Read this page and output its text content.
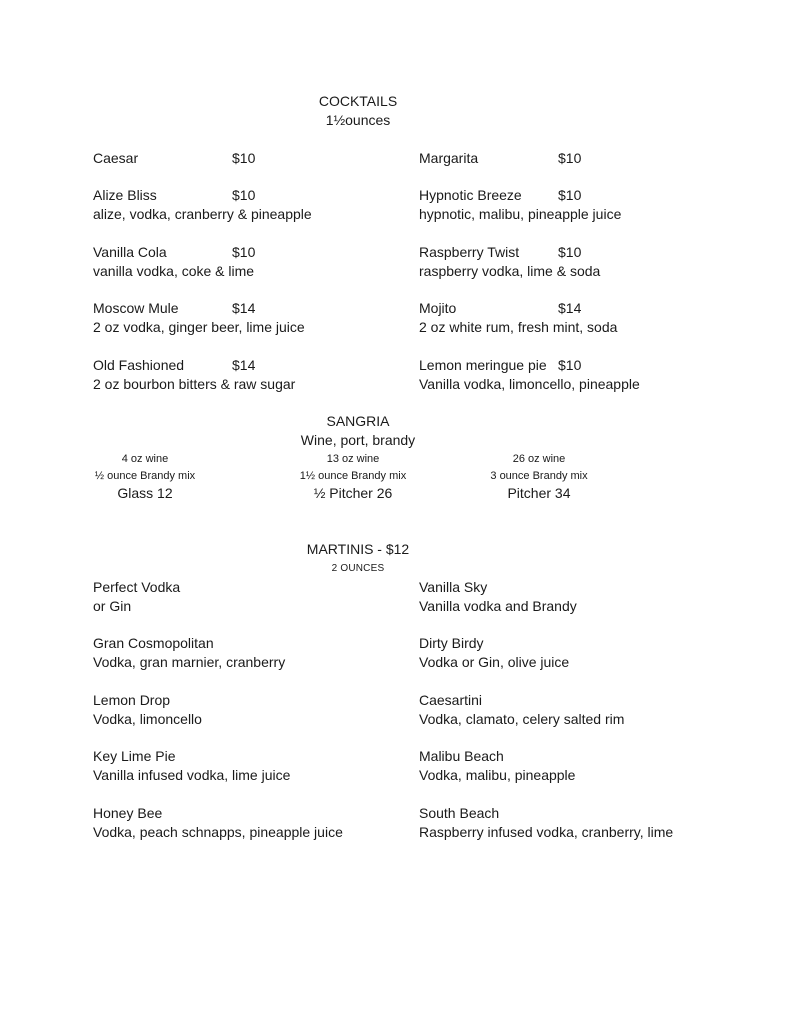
COCKTAILS
1½ounces
Caesar	$10
Alize Bliss	$10
alize, vodka, cranberry & pineapple
Vanilla Cola	$10
vanilla vodka, coke & lime
Moscow Mule	$14
2 oz vodka, ginger beer, lime juice
Old Fashioned	$14
2 oz bourbon bitters & raw sugar
Margarita	$10
Hypnotic Breeze	$10
hypnotic, malibu, pineapple juice
Raspberry Twist	$10
raspberry vodka, lime & soda
Mojito	$14
2 oz white rum, fresh mint, soda
Lemon meringue pie $10
Vanilla vodka, limoncello, pineapple
SANGRIA
Wine, port, brandy
4 oz wine
½ ounce Brandy mix
Glass 12
13 oz wine
1½ ounce Brandy mix
½ Pitcher 26
26 oz wine
3 ounce Brandy mix
Pitcher 34
MARTINIS - $12
2 OUNCES
Perfect Vodka
or Gin
Gran Cosmopolitan
Vodka, gran marnier, cranberry
Lemon Drop
Vodka, limoncello
Key Lime Pie
Vanilla infused vodka, lime juice
Honey Bee
Vodka, peach schnapps, pineapple juice
Vanilla Sky
Vanilla vodka and Brandy
Dirty Birdy
Vodka or Gin, olive juice
Caesartini
Vodka, clamato, celery salted rim
Malibu Beach
Vodka, malibu, pineapple
South Beach
Raspberry infused vodka, cranberry, lime
